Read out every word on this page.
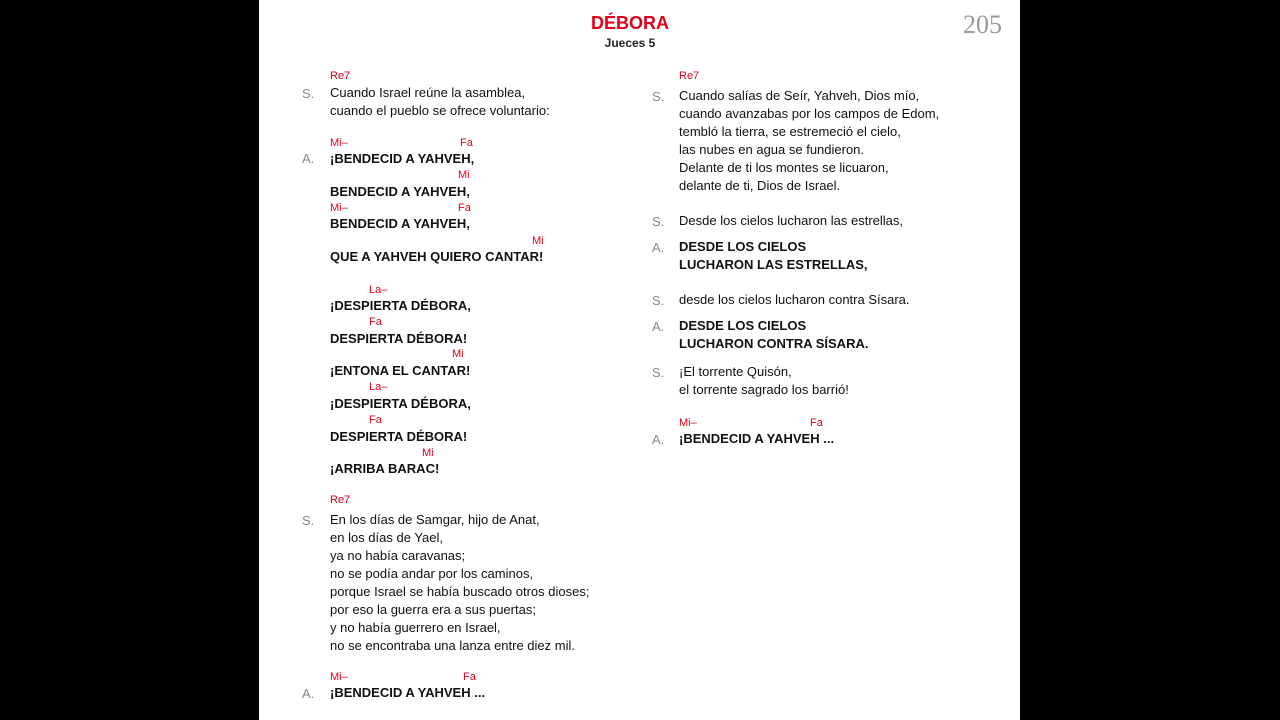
DÉBORA
Jueces 5
205
Re7
S. Cuando Israel reúne la asamblea,
cuando el pueblo se ofrece voluntario:
Mi–	Fa
A. ¡BENDECID A YAHVEH,
Mi
BENDECID A YAHVEH,
Mi–	Fa
BENDECID A YAHVEH,
Mi
QUE A YAHVEH QUIERO CANTAR!
La–
¡DESPIERTA DÉBORA,
Fa
DESPIERTA DÉBORA!
Mi
¡ENTONA EL CANTAR!
La–
¡DESPIERTA DÉBORA,
Fa
DESPIERTA DÉBORA!
Mi
¡ARRIBA BARAC!
Re7
S. En los días de Samgar, hijo de Anat,
en los días de Yael,
ya no había caravanas;
no se podía andar por los caminos,
porque Israel se había buscado otros dioses;
por eso la guerra era a sus puertas;
y no había guerrero en Israel,
no se encontraba una lanza entre diez mil.
Mi–	Fa
A. ¡BENDECID A YAHVEH ...
Re7
S. Cuando salías de Seír, Yahveh, Dios mío,
cuando avanzabas por los campos de Edom,
tembló la tierra, se estremeció el cielo,
las nubes en agua se fundieron.
Delante de ti los montes se licuaron,
delante de ti, Dios de Israel.
S. Desde los cielos lucharon las estrellas,
A. DESDE LOS CIELOS
LUCHARON LAS ESTRELLAS,
S. desde los cielos lucharon contra Sísara.
A. DESDE LOS CIELOS
LUCHARON CONTRA SÍSARA.
S. ¡El torrente Quisón,
el torrente sagrado los barrió!
Mi–	Fa
A. ¡BENDECID A YAHVEH ...
